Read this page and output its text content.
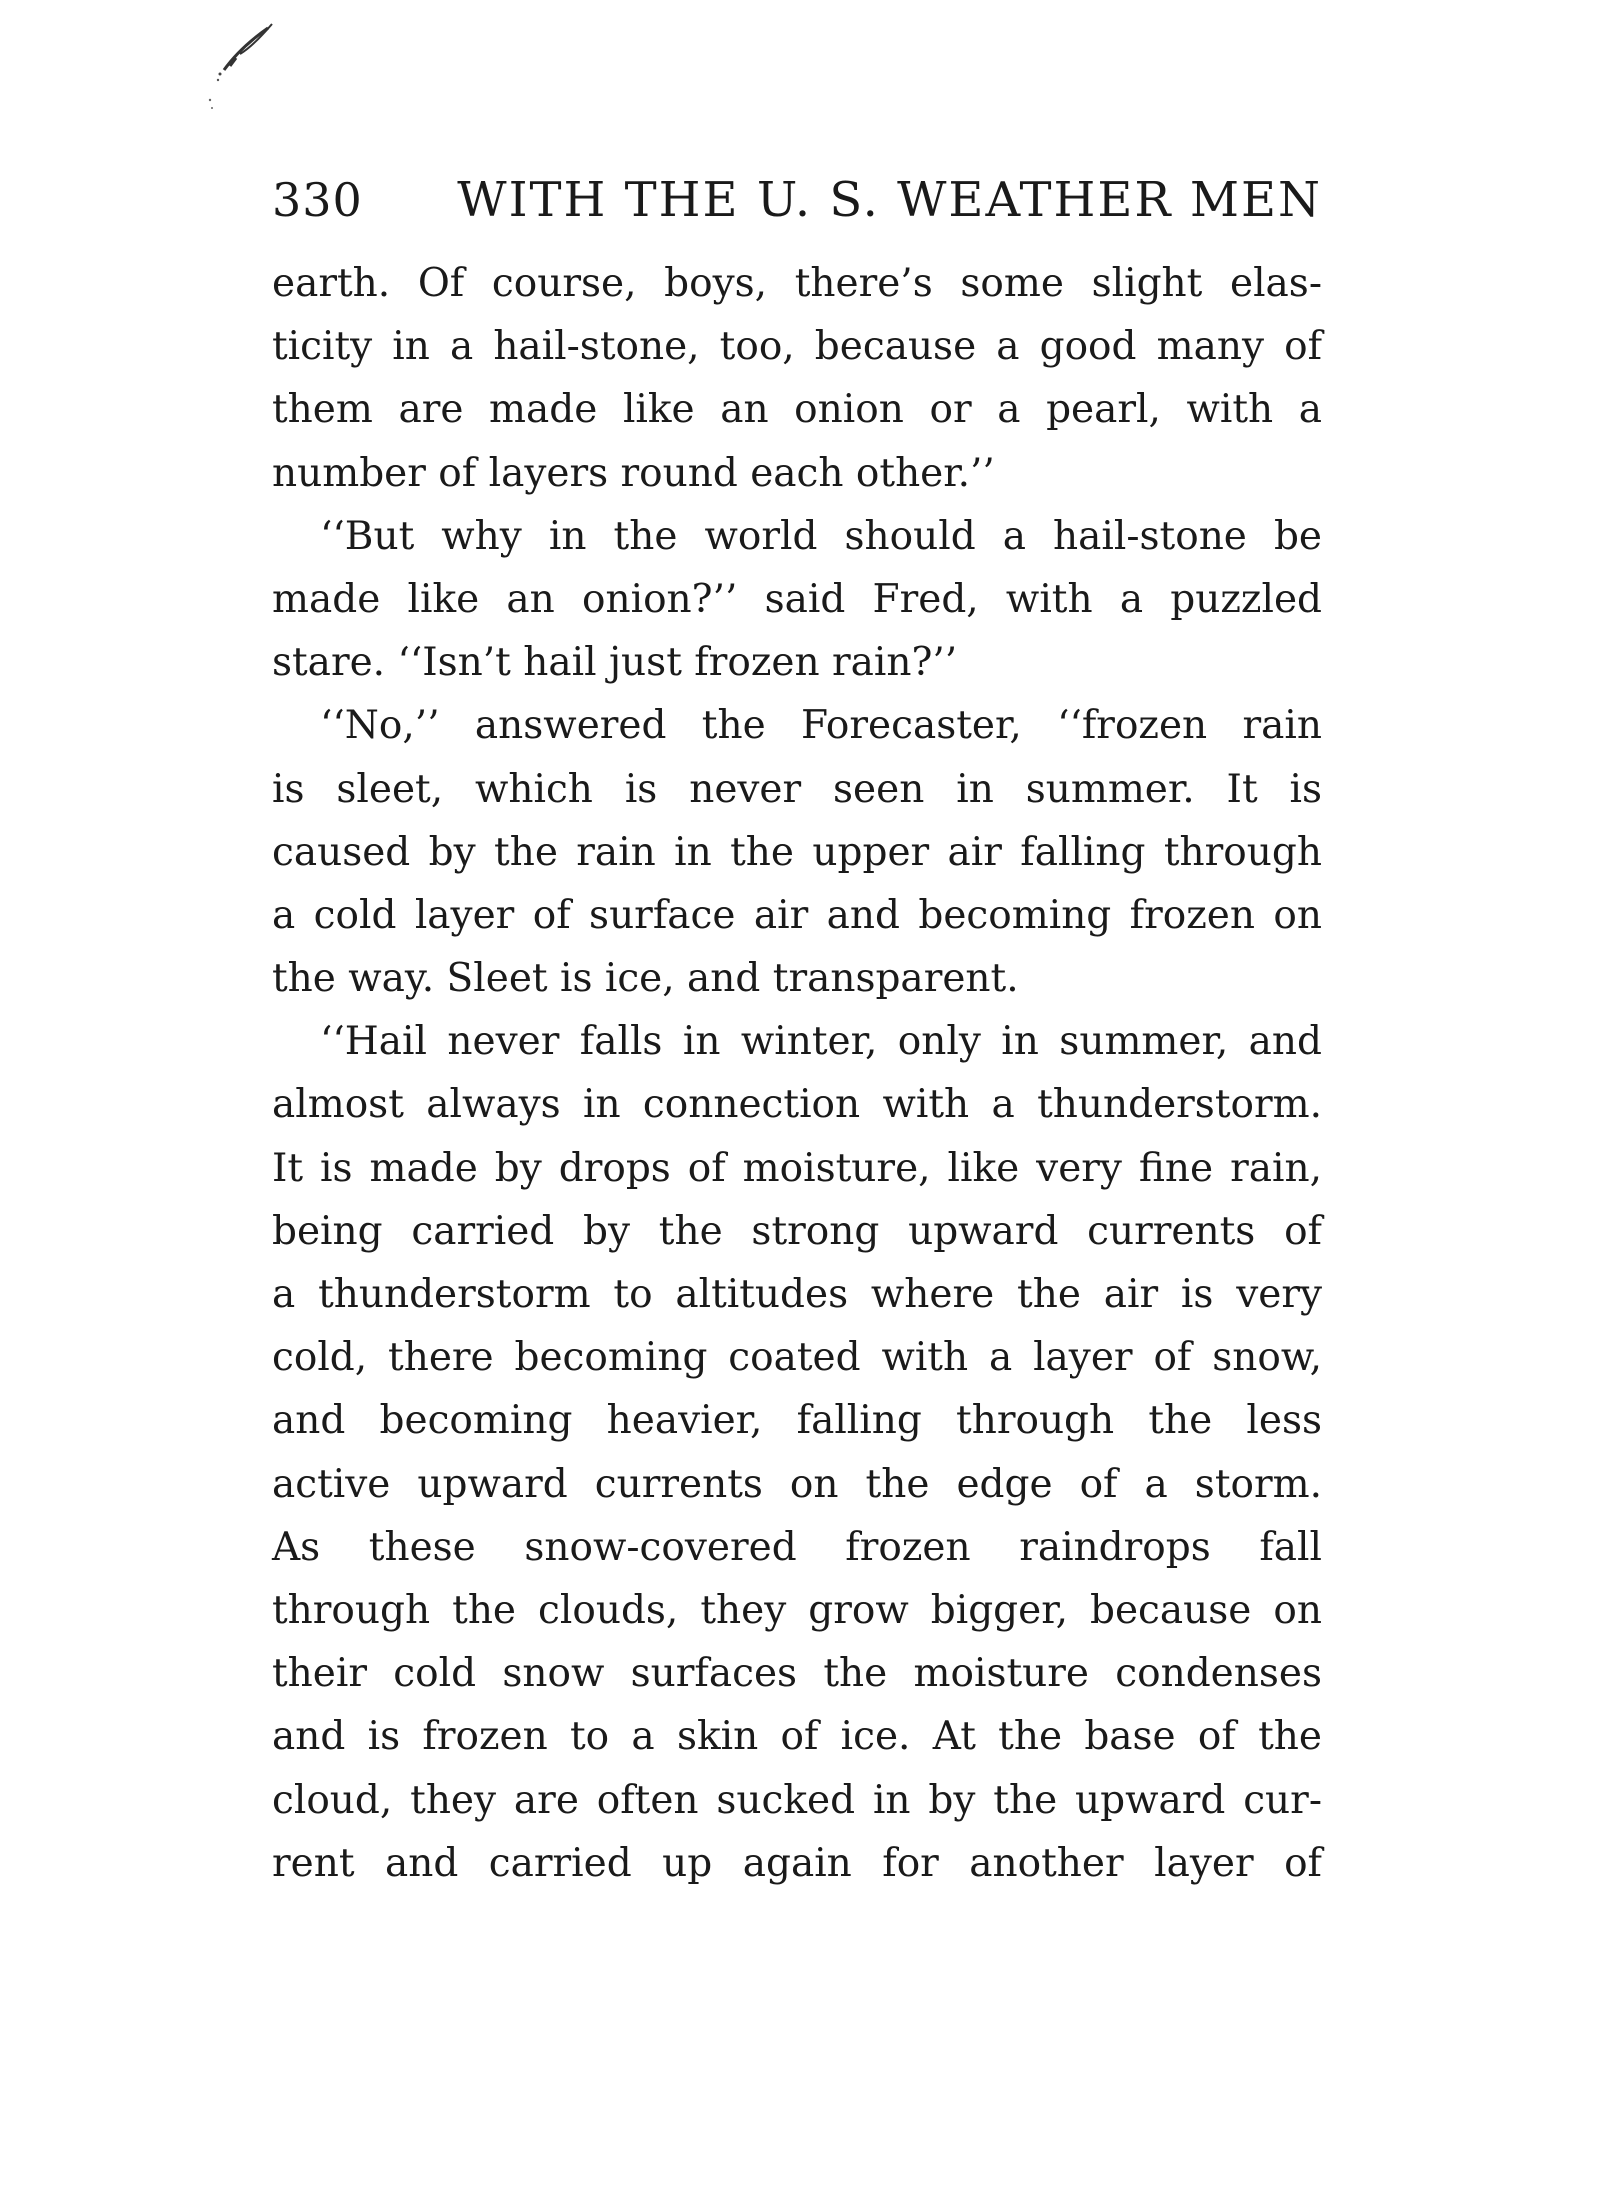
330 WITH THE U. S. WEATHER MEN
earth. Of course, boys, there’s some slight elas-
ticity in a hail-stone, too, because a good many of
them are made like an onion or a pearl, with a
number of layers round each other.’’
‘‘But why in the world should a hail-stone be
made like an onion?’’ said Fred, with a puzzled
stare. ‘‘Isn’t hail just frozen rain?’’
‘‘No,’’ answered the Forecaster, ‘‘frozen rain
is sleet, which is never seen in summer. It is
caused by the rain in the upper air falling through
a cold layer of surface air and becoming frozen on
the way. Sleet is ice, and transparent.
‘‘Hail never falls in winter, only in summer, and
almost always in connection with a thunderstorm.
It is made by drops of moisture, like very fine rain,
being carried by the strong upward currents of
a thunderstorm to altitudes where the air is very
cold, there becoming coated with a layer of snow,
and becoming heavier, falling through the less
active upward currents on the edge of a storm.
As these snow-covered frozen raindrops fall
through the clouds, they grow bigger, because on
their cold snow surfaces the moisture condenses
and is frozen to a skin of ice. At the base of the
cloud, they are often sucked in by the upward cur-
rent and carried up again for another layer of
